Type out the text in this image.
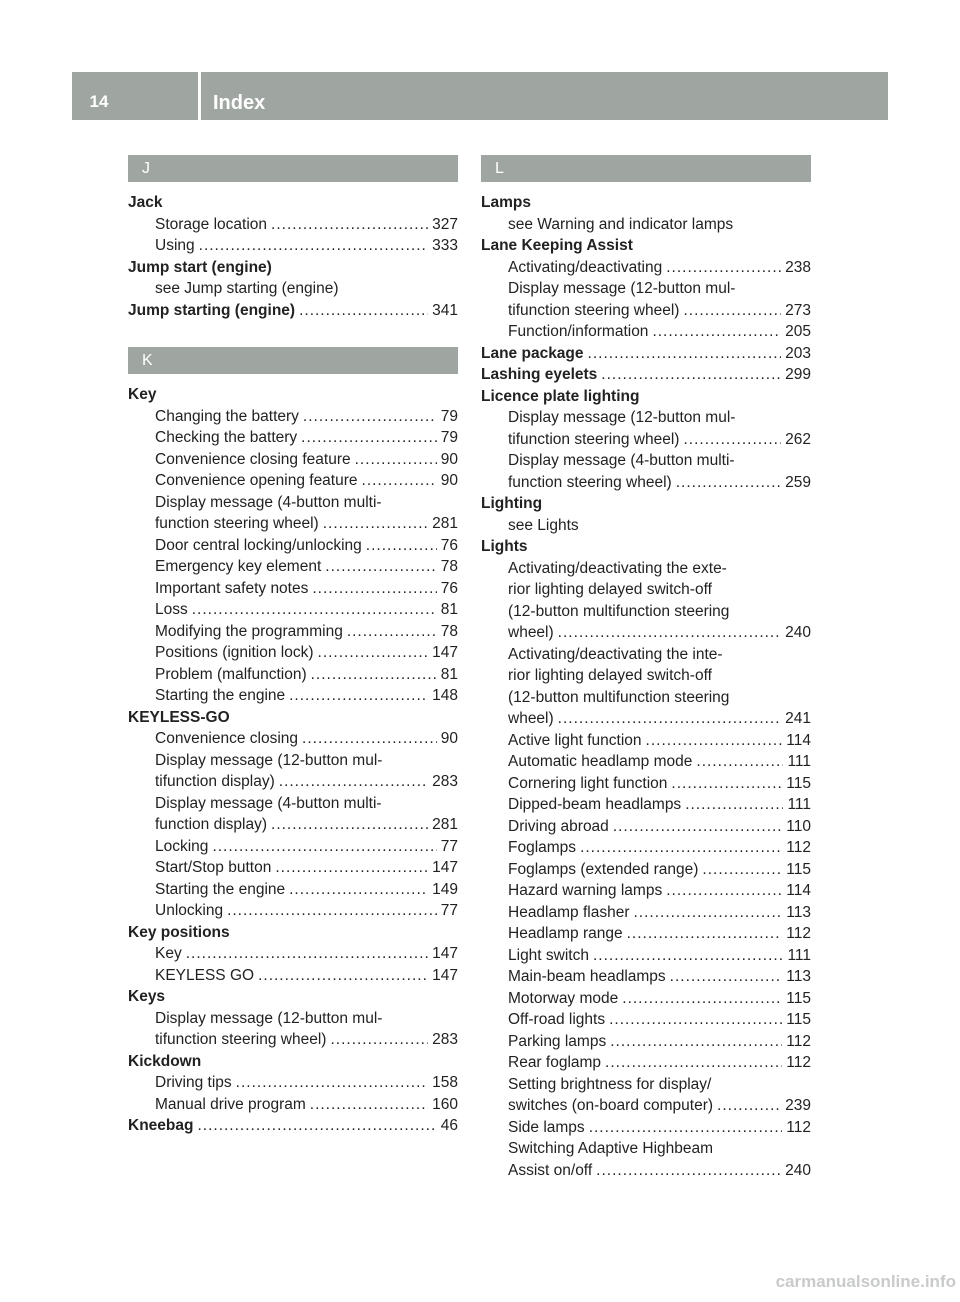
14	Index
J
Jack
Storage location .....	327
Using .....	333
Jump start (engine)
see Jump starting (engine)
Jump starting (engine) .....	341
K
Key
Changing the battery .....	79
Checking the battery .....	79
Convenience closing feature .....	90
Convenience opening feature .....	90
Display message (4-button multi-
function steering wheel) .....	281
Door central locking/unlocking .....	76
Emergency key element .....	78
Important safety notes .....	76
Loss .....	81
Modifying the programming .....	78
Positions (ignition lock) .....	147
Problem (malfunction) .....	81
Starting the engine .....	148
KEYLESS-GO
Convenience closing .....	90
Display message (12-button mul-
tifunction display) .....	283
Display message (4-button multi-
function display) .....	281
Locking .....	77
Start/Stop button .....	147
Starting the engine .....	149
Unlocking .....	77
Key positions
Key .....	147
KEYLESS GO .....	147
Keys
Display message (12-button mul-
tifunction steering wheel) .....	283
Kickdown
Driving tips .....	158
Manual drive program .....	160
Kneebag .....	46
L
Lamps
see Warning and indicator lamps
Lane Keeping Assist
Activating/deactivating .....	238
Display message (12-button mul-
tifunction steering wheel) .....	273
Function/information .....	205
Lane package .....	203
Lashing eyelets .....	299
Licence plate lighting
Display message (12-button mul-
tifunction steering wheel) .....	262
Display message (4-button multi-
function steering wheel) .....	259
Lighting
see Lights
Lights
Activating/deactivating the exte-
rior lighting delayed switch-off
(12-button multifunction steering
wheel) .....	240
Activating/deactivating the inte-
rior lighting delayed switch-off
(12-button multifunction steering
wheel) .....	241
Active light function .....	114
Automatic headlamp mode .....	111
Cornering light function .....	115
Dipped-beam headlamps .....	111
Driving abroad .....	110
Foglamps .....	112
Foglamps (extended range) .....	115
Hazard warning lamps .....	114
Headlamp flasher .....	113
Headlamp range .....	112
Light switch .....	111
Main-beam headlamps .....	113
Motorway mode .....	115
Off-road lights .....	115
Parking lamps .....	112
Rear foglamp .....	112
Setting brightness for display/
switches (on-board computer) .....	239
Side lamps .....	112
Switching Adaptive Highbeam
Assist on/off .....	240
carmanualsonline.info
